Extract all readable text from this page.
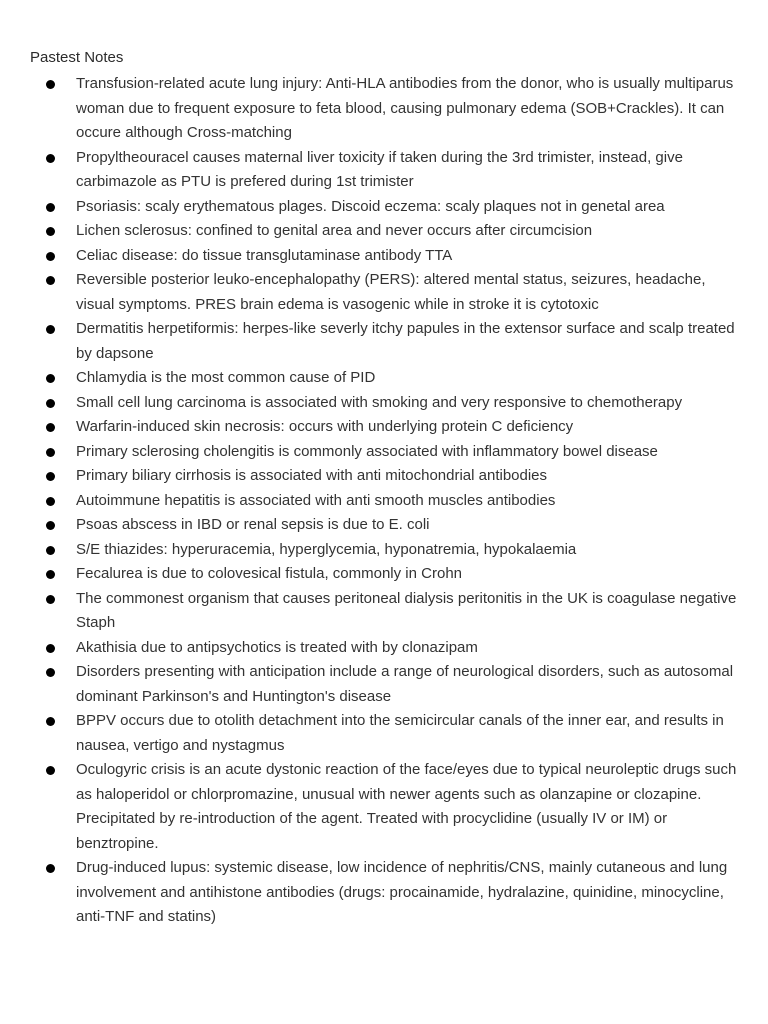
Pastest Notes
Transfusion-related acute lung injury: Anti-HLA antibodies from the donor, who is usually multiparus woman due to frequent exposure to feta blood, causing pulmonary edema (SOB+Crackles). It can occure although Cross-matching
Propyltheouracel causes maternal liver toxicity if taken during the 3rd trimister, instead, give carbimazole as PTU is prefered during 1st trimister
Psoriasis: scaly erythematous plages. Discoid eczema: scaly plaques not in genetal area
Lichen sclerosus: confined to genital area and never occurs after circumcision
Celiac disease: do tissue transglutaminase antibody TTA
Reversible posterior leuko-encephalopathy (PERS): altered mental status, seizures, headache, visual symptoms. PRES brain edema is vasogenic while in stroke it is cytotoxic
Dermatitis herpetiformis: herpes-like severly itchy papules in the extensor surface and scalp treated by dapsone
Chlamydia is the most common cause of PID
Small cell lung carcinoma is associated with smoking and very responsive to chemotherapy
Warfarin-induced skin necrosis: occurs with underlying protein C deficiency
Primary sclerosing cholengitis is commonly associated with inflammatory bowel disease
Primary biliary cirrhosis is associated with anti mitochondrial antibodies
Autoimmune hepatitis is associated with anti smooth muscles antibodies
Psoas abscess in IBD or renal sepsis is due to E. coli
S/E thiazides: hyperuracemia, hyperglycemia, hyponatremia, hypokalaemia
Fecalurea is due to colovesical fistula, commonly in Crohn
The commonest organism that causes peritoneal dialysis peritonitis in the UK is coagulase negative Staph
Akathisia due to antipsychotics is treated with by clonazipam
Disorders presenting with anticipation include a range of neurological disorders, such as autosomal dominant Parkinson's and Huntington's disease
BPPV occurs due to otolith detachment into the semicircular canals of the inner ear, and results in nausea, vertigo and nystagmus
Oculogyric crisis is an acute dystonic reaction of the face/eyes due to typical neuroleptic drugs such as haloperidol or chlorpromazine, unusual with newer agents such as olanzapine or clozapine. Precipitated by re-introduction of the agent. Treated with procyclidine (usually IV or IM) or benztropine.
Drug-induced lupus: systemic disease, low incidence of nephritis/CNS, mainly cutaneous and lung involvement and antihistone antibodies (drugs: procainamide, hydralazine, quinidine, minocycline, anti-TNF and statins)
